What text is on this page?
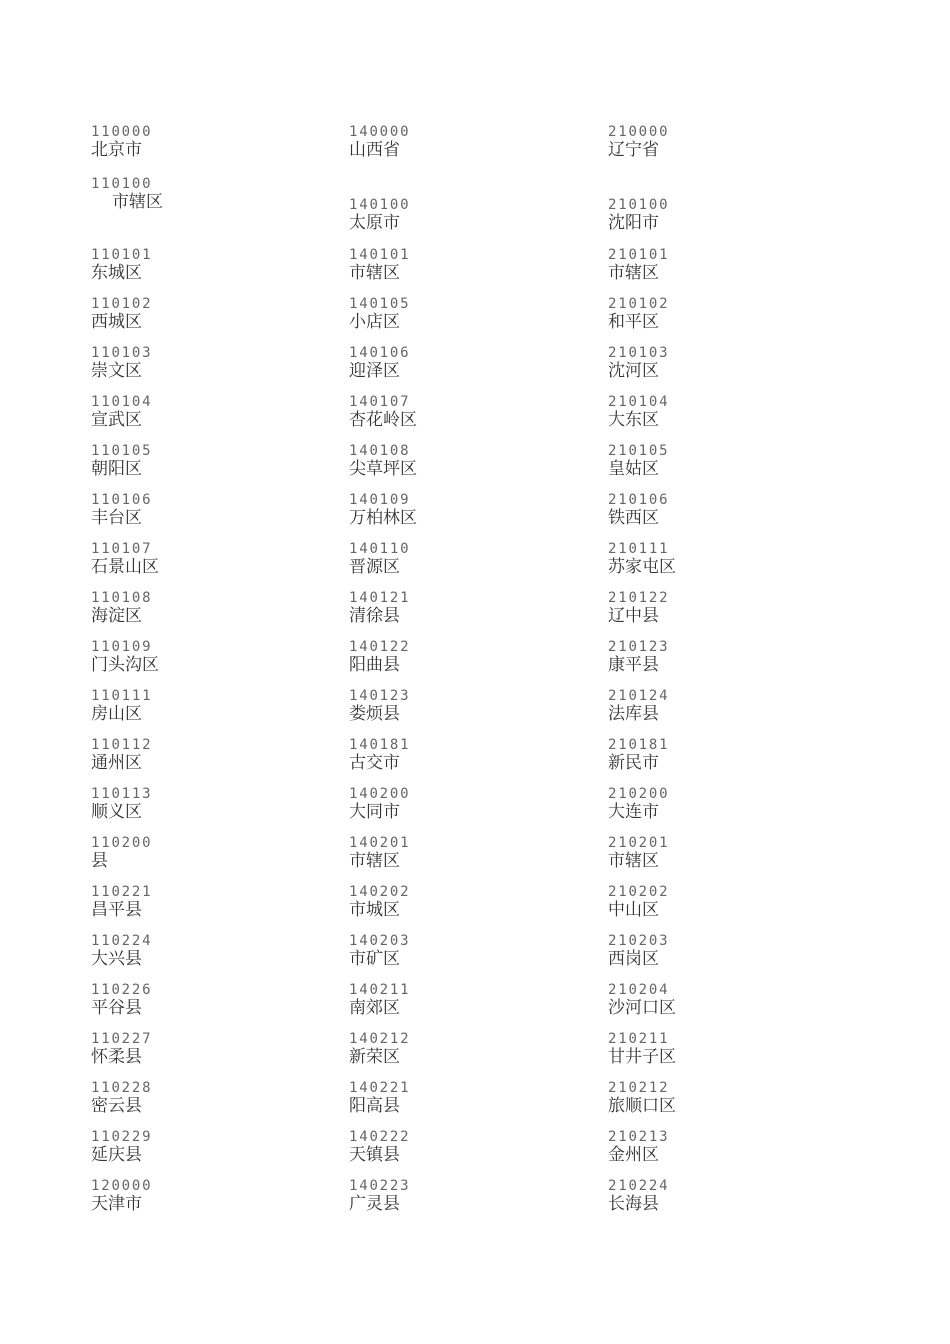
110000
北京市
110100
市辖区
110101
东城区
110102
西城区
110103
崇文区
110104
宣武区
110105
朝阳区
110106
丰台区
110107
石景山区
110108
海淀区
110109
门头沟区
110111
房山区
110112
通州区
110113
顺义区
110200
县
110221
昌平县
110224
大兴县
110226
平谷县
110227
怀柔县
110228
密云县
110229
延庆县
120000
天津市
140000
山西省
140100
太原市
140101
市辖区
140105
小店区
140106
迎泽区
140107
杏花岭区
140108
尖草坪区
140109
万柏林区
140110
晋源区
140121
清徐县
140122
阳曲县
140123
娄烦县
140181
古交市
140200
大同市
140201
市辖区
140202
市城区
140203
市矿区
140211
南郊区
140212
新荣区
140221
阳高县
140222
天镇县
140223
广灵县
210000
辽宁省
210100
沈阳市
210101
市辖区
210102
和平区
210103
沈河区
210104
大东区
210105
皇姑区
210106
铁西区
210111
苏家屯区
210122
辽中县
210123
康平县
210124
法库县
210181
新民市
210200
大连市
210201
市辖区
210202
中山区
210203
西岗区
210204
沙河口区
210211
甘井子区
210212
旅顺口区
210213
金州区
210224
长海县
